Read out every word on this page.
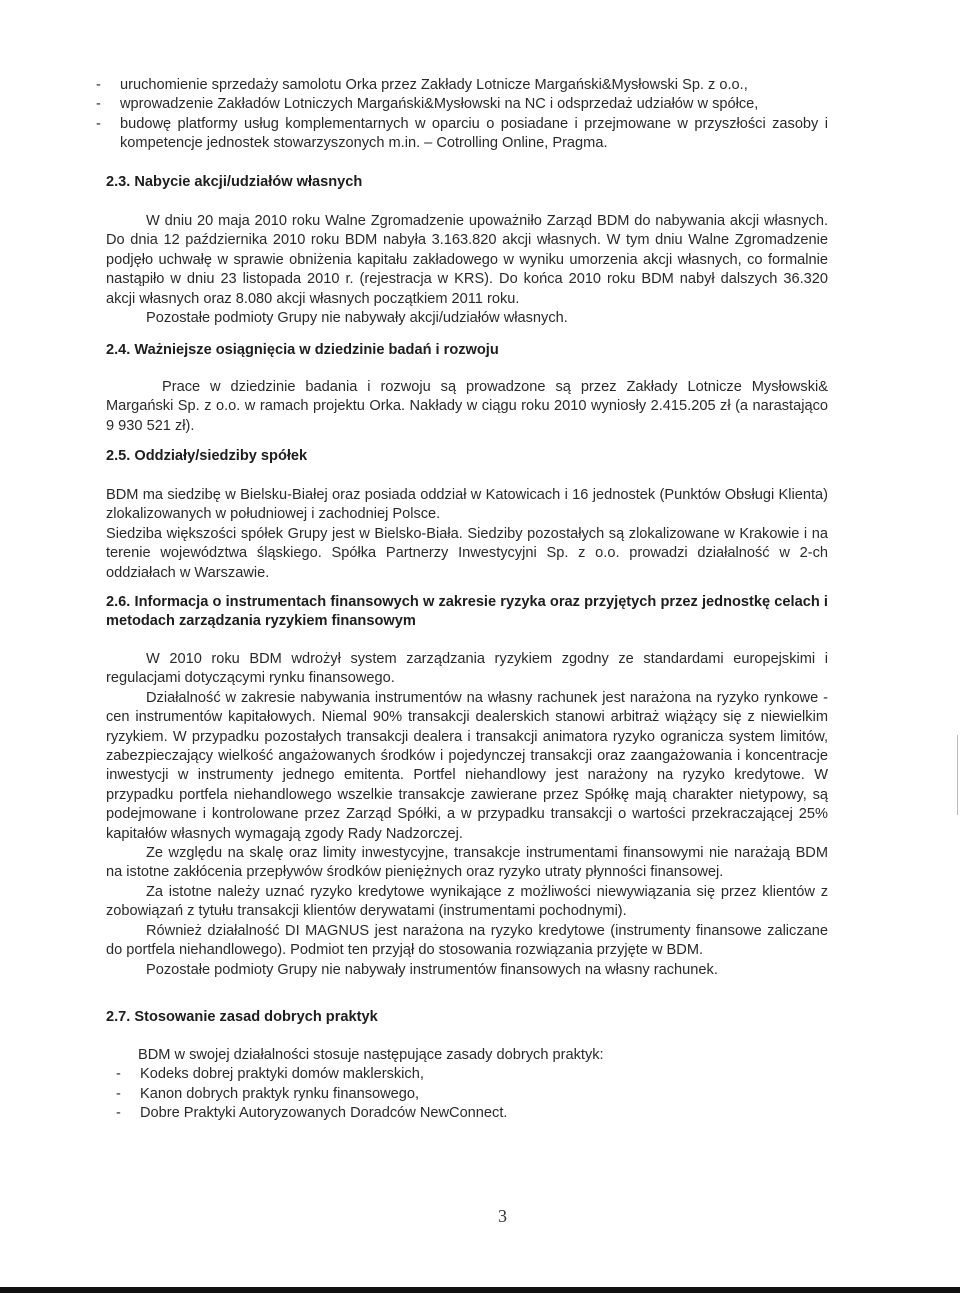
- uruchomienie sprzedaży samolotu Orka przez Zakłady Lotnicze Margański&Mysłowski Sp. z o.o.,
- wprowadzenie Zakładów Lotniczych Margański&Mysłowski na NC i odsprzedaż udziałów w spółce,
- budowę platformy usług komplementarnych w oparciu o posiadane i przejmowane w przyszłości zasoby i kompetencje jednostek stowarzyszonych m.in. – Cotrolling Online, Pragma.
2.3. Nabycie akcji/udziałów własnych

W dniu 20 maja 2010 roku Walne Zgromadzenie upoważniło Zarząd BDM do nabywania akcji własnych. Do dnia 12 października 2010 roku BDM nabyła 3.163.820 akcji własnych. W tym dniu Walne Zgromadzenie podjęło uchwałę w sprawie obniżenia kapitału zakładowego w wyniku umorzenia akcji własnych, co formalnie nastąpiło w dniu 23 listopada 2010 r. (rejestracja w KRS). Do końca 2010 roku BDM nabył dalszych 36.320 akcji własnych oraz 8.080 akcji własnych początkiem 2011 roku.

Pozostałe podmioty Grupy nie nabywały akcji/udziałów własnych.

2.4. Ważniejsze osiągnięcia w dziedzinie badań i rozwoju

Prace w dziedzinie badania i rozwoju są prowadzone są przez Zakłady Lotnicze Mysłowski& Margański Sp. z o.o. w ramach projektu Orka. Nakłady w ciągu roku 2010 wyniosły 2.415.205 zł (a narastająco 9 930 521 zł).

2.5. Oddziały/siedziby spółek

BDM ma siedzibę w Bielsku-Białej oraz posiada oddział w Katowicach i 16 jednostek (Punktów Obsługi Klienta) zlokalizowanych w południowej i zachodniej Polsce.

Siedziba większości spółek Grupy jest w Bielsko-Biała. Siedziby pozostałych są zlokalizowane w Krakowie i na terenie województwa śląskiego. Spółka Partnerzy Inwestycyjni Sp. z o.o. prowadzi działalność w 2-ch oddziałach w Warszawie.

2.6. Informacja o instrumentach finansowych w zakresie ryzyka oraz przyjętych przez jednostkę celach i metodach zarządzania ryzykiem finansowym

W 2010 roku BDM wdrożył system zarządzania ryzykiem zgodny ze standardami europejskimi i regulacjami dotyczącymi rynku finansowego.

Działalność w zakresie nabywania instrumentów na własny rachunek jest narażona na ryzyko rynkowe - cen instrumentów kapitałowych. Niemal 90% transakcji dealerskich stanowi arbitraż wiążący się z niewielkim ryzykiem. W przypadku pozostałych transakcji dealera i transakcji animatora ryzyko ogranicza system limitów, zabezpieczający wielkość angażowanych środków i pojedynczej transakcji oraz zaangażowania i koncentracje inwestycji w instrumenty jednego emitenta. Portfel niehandlowy jest narażony na ryzyko kredytowe. W przypadku portfela niehandlowego wszelkie transakcje zawierane przez Spółkę mają charakter nietypowy, są podejmowane i kontrolowane przez Zarząd Spółki, a w przypadku transakcji o wartości przekraczającej 25% kapitałów własnych wymagają zgody Rady Nadzorczej.

Ze względu na skalę oraz limity inwestycyjne, transakcje instrumentami finansowymi nie narażają BDM na istotne zakłócenia przepływów środków pieniężnych oraz ryzyko utraty płynności finansowej.

Za istotne należy uznać ryzyko kredytowe wynikające z możliwości niewywiązania się przez klientów z zobowiązań z tytułu transakcji klientów derywatami (instrumentami pochodnymi).

Również działalność DI MAGNUS jest narażona na ryzyko kredytowe (instrumenty finansowe zaliczane do portfela niehandlowego). Podmiot ten przyjął do stosowania rozwiązania przyjęte w BDM.

Pozostałe podmioty Grupy nie nabywały instrumentów finansowych na własny rachunek.

2.7. Stosowanie zasad dobrych praktyk

BDM w swojej działalności stosuje następujące zasady dobrych praktyk:

- Kodeks dobrej praktyki domów maklerskich,
- Kanon dobrych praktyk rynku finansowego,
- Dobre Praktyki Autoryzowanych Doradców NewConnect.
3
